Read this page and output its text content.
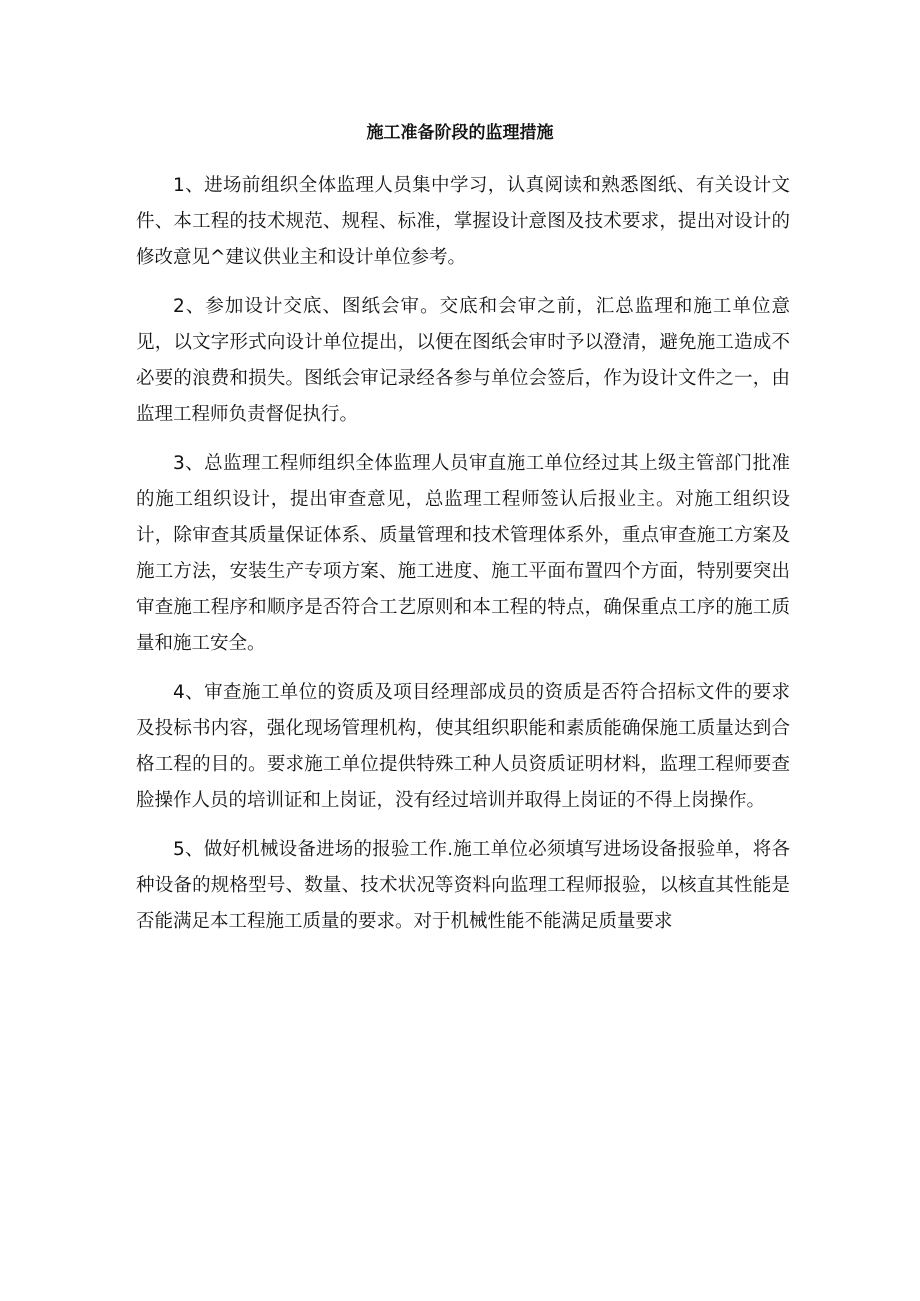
施工准备阶段的监理措施

1、进场前组织全体监理人员集中学习，认真阅读和熟悉图纸、有关设计文件、本工程的技术规范、规程、标准，掌握设计意图及技术要求，提出对设计的修改意见^建议供业主和设计单位参考。

2、参加设计交底、图纸会审。交底和会审之前，汇总监理和施工单位意见，以文字形式向设计单位提出，以便在图纸会审时予以澄清，避免施工造成不必要的浪费和损失。图纸会审记录经各参与单位会签后，作为设计文件之一，由监理工程师负责督促执行。

3、总监理工程师组织全体监理人员审直施工单位经过其上级主管部门批准的施工组织设计，提出审查意见，总监理工程师签认后报业主。对施工组织设计，除审查其质量保证体系、质量管理和技术管理体系外，重点审查施工方案及施工方法，安装生产专项方案、施工进度、施工平面布置四个方面，特别要突出审查施工程序和顺序是否符合工艺原则和本工程的特点，确保重点工序的施工质量和施工安全。

4、审查施工单位的资质及项目经理部成员的资质是否符合招标文件的要求及投标书内容，强化现场管理机构，使其组织职能和素质能确保施工质量达到合格工程的目的。要求施工单位提供特殊工种人员资质证明材料，监理工程师要查脸操作人员的培训证和上岗证，没有经过培训并取得上岗证的不得上岗操作。

5、做好机械设备进场的报验工作.施工单位必须填写进场设备报验单，将各种设备的规格型号、数量、技术状况等资料向监理工程师报验，以核直其性能是否能满足本工程施工质量的要求。对于机械性能不能满足质量要求
